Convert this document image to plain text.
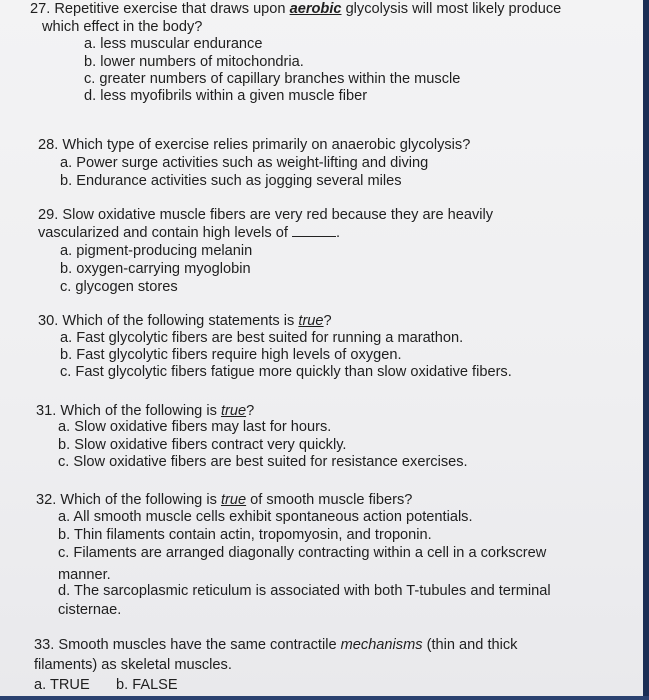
27. Repetitive exercise that draws upon aerobic glycolysis will most likely produce
which effect in the body?
a. less muscular endurance
b. lower numbers of mitochondria.
c. greater numbers of capillary branches within the muscle
d. less myofibrils within a given muscle fiber
28. Which type of exercise relies primarily on anaerobic glycolysis?
a. Power surge activities such as weight-lifting and diving
b. Endurance activities such as jogging several miles
29. Slow oxidative muscle fibers are very red because they are heavily
vascularized and contain high levels of	.
a. pigment-producing melanin
b. oxygen-carrying myoglobin
c. glycogen stores
30. Which of the following statements is true?
a. Fast glycolytic fibers are best suited for running a marathon.
b. Fast glycolytic fibers require high levels of oxygen.
c. Fast glycolytic fibers fatigue more quickly than slow oxidative fibers.
31. Which of the following is true?
a. Slow oxidative fibers may last for hours.
b. Slow oxidative fibers contract very quickly.
c. Slow oxidative fibers are best suited for resistance exercises.
32. Which of the following is true of smooth muscle fibers?
a. All smooth muscle cells exhibit spontaneous action potentials.
b. Thin filaments contain actin, tropomyosin, and troponin.
c. Filaments are arranged diagonally contracting within a cell in a corkscrew
manner.
d. The sarcoplasmic reticulum is associated with both T-tubules and terminal
cisternae.
33. Smooth muscles have the same contractile mechanisms (thin and thick
filaments) as skeletal muscles.
a. TRUE b. FALSE
